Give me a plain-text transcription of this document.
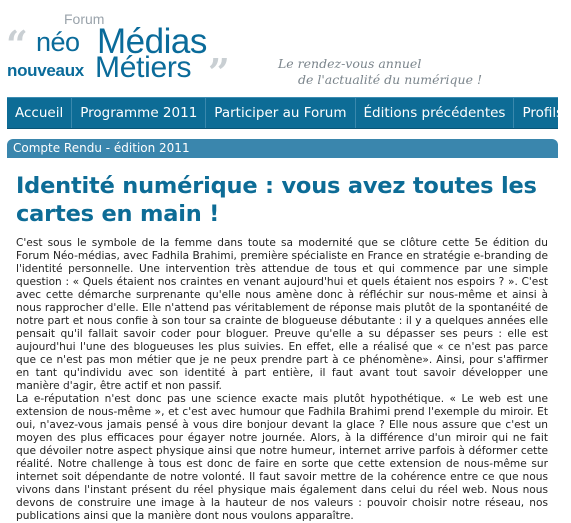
“
Forum
néo Médias
nouveaux Métiers ”	Le rendez-vous annuel
de l'actualité du numérique !
Accueil	Programme 2011	Participer au Forum	Éditions précédentes	Profils
Compte Rendu - édition 2011
Identité numérique : vous avez toutes les cartes en main !

C'est sous le symbole de la femme dans toute sa modernité que se clôture cette 5e édition du Forum Néo-médias, avec Fadhila Brahimi, première spécialiste en France en stratégie e-branding de l'identité personnelle. Une intervention très attendue de tous et qui commence par une simple question : « Quels étaient nos craintes en venant aujourd'hui et quels étaient nos espoirs ? ». C'est avec cette démarche surprenante qu'elle nous amène donc à réfléchir sur nous-même et ainsi à nous rapprocher d'elle. Elle n'attend pas véritablement de réponse mais plutôt de la spontanéité de notre part et nous confie à son tour sa crainte de blogueuse débutante : il y a quelques années elle pensait qu'il fallait savoir coder pour bloguer. Preuve qu'elle a su dépasser ses peurs : elle est aujourd'hui l'une des blogueuses les plus suivies. En effet, elle a réalisé que « ce n'est pas parce que ce n'est pas mon métier que je ne peux prendre part à ce phénomène». Ainsi, pour s'affirmer en tant qu'individu avec son identité à part entière, il faut avant tout savoir développer une manière d'agir, être actif et non passif.

La e-réputation n'est donc pas une science exacte mais plutôt hypothétique. « Le web est une extension de nous-même », et c'est avec humour que Fadhila Brahimi prend l'exemple du miroir. Et oui, n'avez-vous jamais pensé à vous dire bonjour devant la glace ? Elle nous assure que c'est un moyen des plus efficaces pour égayer notre journée. Alors, à la différence d'un miroir qui ne fait que dévoiler notre aspect physique ainsi que notre humeur, internet arrive parfois à déformer cette réalité. Notre challenge à tous est donc de faire en sorte que cette extension de nous-même sur internet soit dépendante de notre volonté. Il faut savoir mettre de la cohérence entre ce que nous vivons dans l'instant présent du réel physique mais également dans celui du réel web. Nous nous devons de construire une image à la hauteur de nos valeurs : pouvoir choisir notre réseau, nos publications ainsi que la manière dont nous voulons apparaître.
